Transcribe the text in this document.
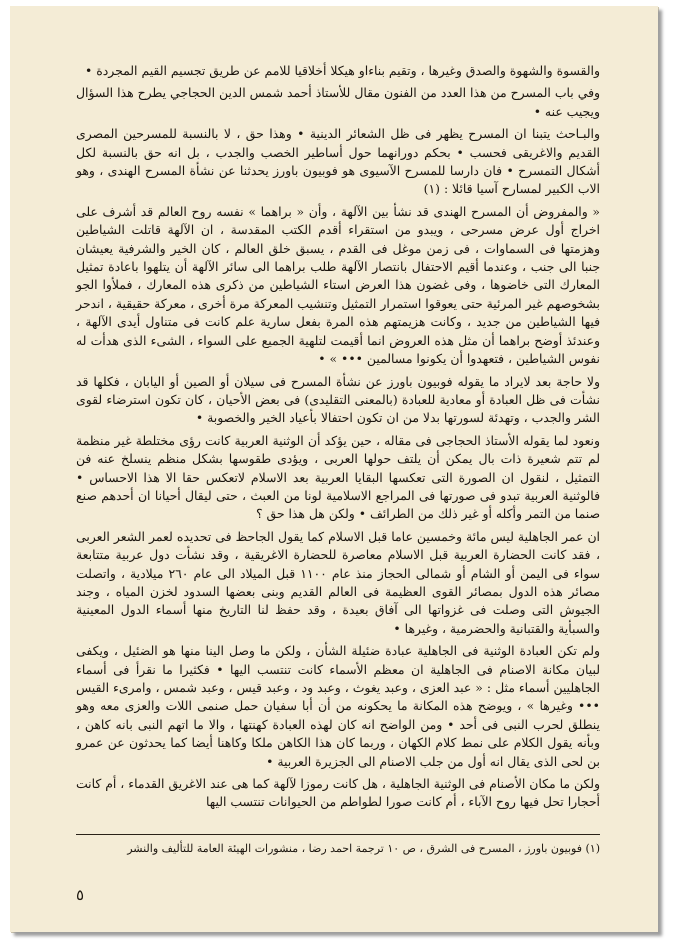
والقسوة والشهوة والصدق وغيرها ، وتقيم بناءاو هيكلا أخلاقيا للامم عن طريق تجسيم القيم المجردة •

وفي باب المسرح من هذا العدد من الفنون مقال للأستاذ أحمد شمس الدين الحجاجي يطرح هذا السؤال ويجيب عنه •

والبـاحث يتبنا ان المسرح يظهر فى ظل الشعائر الدينية • وهذا حق ، لا بالنسبة للمسرحين المصرى القديم والاغريقى فحسب • بحكم دورانهما حول أساطير الخصب والجدب ، بل انه حق بالنسبة لكل أشكال التمسرح • فان دارسا للمسرح الآسيوى هو فوبيون باورز يحدثنا عن نشأة المسرح الهندى ، وهو الاب الكبير لمسارح آسيا قائلا : (١)

« والمفروض أن المسرح الهندى قد نشأ بين الآلهة ، وأن « براهما » نفسه روح العالم قد أشرف على اخراج أول عرض مسرحى ، ويبدو من استقراء أقدم الكتب المقدسة ، ان الآلهة قاتلت الشياطين وهزمتها فى السماوات ، فى زمن موغل فى القدم ، يسبق خلق العالم ، كان الخير والشرفية يعيشان جنبا الى جنب ، وعندما أقيم الاحتفال بانتصار الآلهة طلب براهما الى سائر الآلهة أن يتلهوا باعادة تمثيل المعارك التى خاضوها ، وفى غضون هذا العرض استاء الشياطين من ذكرى هذه المعارك ، فملأوا الجو بشخوصهم غير المرئية حتى يعوقوا استمرار التمثيل وتنشيب المعركة مرة أخرى ، معركة حقيقية ، اندحر فيها الشياطين من جديد ، وكانت هزيمتهم هذه المرة بفعل سارية علم كانت فى متناول أيدى الآلهة ، وعندئذ أوضح براهما أن مثل هذه العروض انما أقيمت لتلهية الجميع على السواء ، الشىء الذى هدأت له نفوس الشياطين ، فتعهدوا أن يكونوا مسالمين ••• » •

ولا حاجة بعد لايراد ما يقوله فوبيون باورز عن نشأة المسرح فى سيلان أو الصين أو اليابان ، فكلها قد نشأت فى ظل العبادة أو معادية للعبادة (بالمعنى التقليدى) فى بعض الأحيان ، كان تكون استرضاء لقوى الشر والجدب ، وتهدئة لسورتها بدلا من ان تكون احتفالا بأعياد الخير والخصوبة •

ونعود لما يقوله الأستاذ الحجاجى فى مقاله ، حين يؤكد أن الوثنية العربية كانت رؤى مختلطة غير منظمة لم تتم شعيرة ذات بال يمكن أن يلتف حولها العربى ، ويؤدى طقوسها بشكل منظم ينسلخ عنه فن التمثيل ، لنقول ان الصورة التى تعكسها البقايا العربية بعد الاسلام لاتعكس حقا الا هذا الاحساس • فالوثنية العربية تبدو فى صورتها فى المراجع الاسلامية لونا من العبث ، حتى ليقال أحيانا ان أحدهم صنع صنما من التمر وأكله أو غير ذلك من الطرائف • ولكن هل هذا حق ؟

ان عمر الجاهلية ليس مائة وخمسين عاما قبل الاسلام كما يقول الجاحظ فى تحديده لعمر الشعر العربى ، فقد كانت الحضارة العربية قبل الاسلام معاصرة للحضارة الاغريقية ، وقد نشأت دول عربية متتابعة سواء فى اليمن أو الشام أو شمالى الحجاز منذ عام ١١٠٠ قبل الميلاد الى عام ٢٦٠ ميلادية ، واتصلت مصائر هذه الدول بمصائر القوى العظيمة فى العالم القديم وبنى بعضها السدود لخزن المياه ، وجند الجيوش التى وصلت فى غزواتها الى آفاق بعيدة ، وقد حفظ لنا التاريخ منها أسماء الدول المعينية والسبأية والقتبانية والحضرمية ، وغيرها •

ولم تكن العبادة الوثنية فى الجاهلية عبادة ضئيلة الشأن ، ولكن ما وصل الينا منها هو الضئيل ، ويكفى لبيان مكانة الاصنام فى الجاهلية ان معظم الأسماء كانت تنتسب اليها • فكثيرا ما نقرأ فى أسماء الجاهليين أسماء مثل : « عبد العزى ، وعبد يغوث ، وعبد ود ، وعبد قيس ، وعبد شمس ، وامرىء القيس ••• وغيرها » ، ويوضح هذه المكانة ما يحكونه من أن أبا سفيان حمل صنمى اللات والعزى معه وهو ينطلق لحرب النبى فى أحد • ومن الواضح انه كان لهذه العبادة كهنتها ، والا ما اتهم النبى بانه كاهن ، وبأنه يقول الكلام على نمط كلام الكهان ، وربما كان هذا الكاهن ملكا وكاهنا أيضا كما يحدثون عن عمرو بن لحى الذى يقال انه أول من جلب الاصنام الى الجزيرة العربية •

ولكن ما مكان الأصنام فى الوثنية الجاهلية ، هل كانت رموزا لآلهة كما هى عند الاغريق القدماء ، أم كانت أحجارا تحل فيها روح الآباء ، أم كانت صورا لطواطم من الحيوانات تنتسب اليها

(١) فوبيون باورز ، المسرح فى الشرق ، ص ١٠ ترجمة احمد رضا ، منشورات الهيئة العامة للتأليف والنشر
٥
